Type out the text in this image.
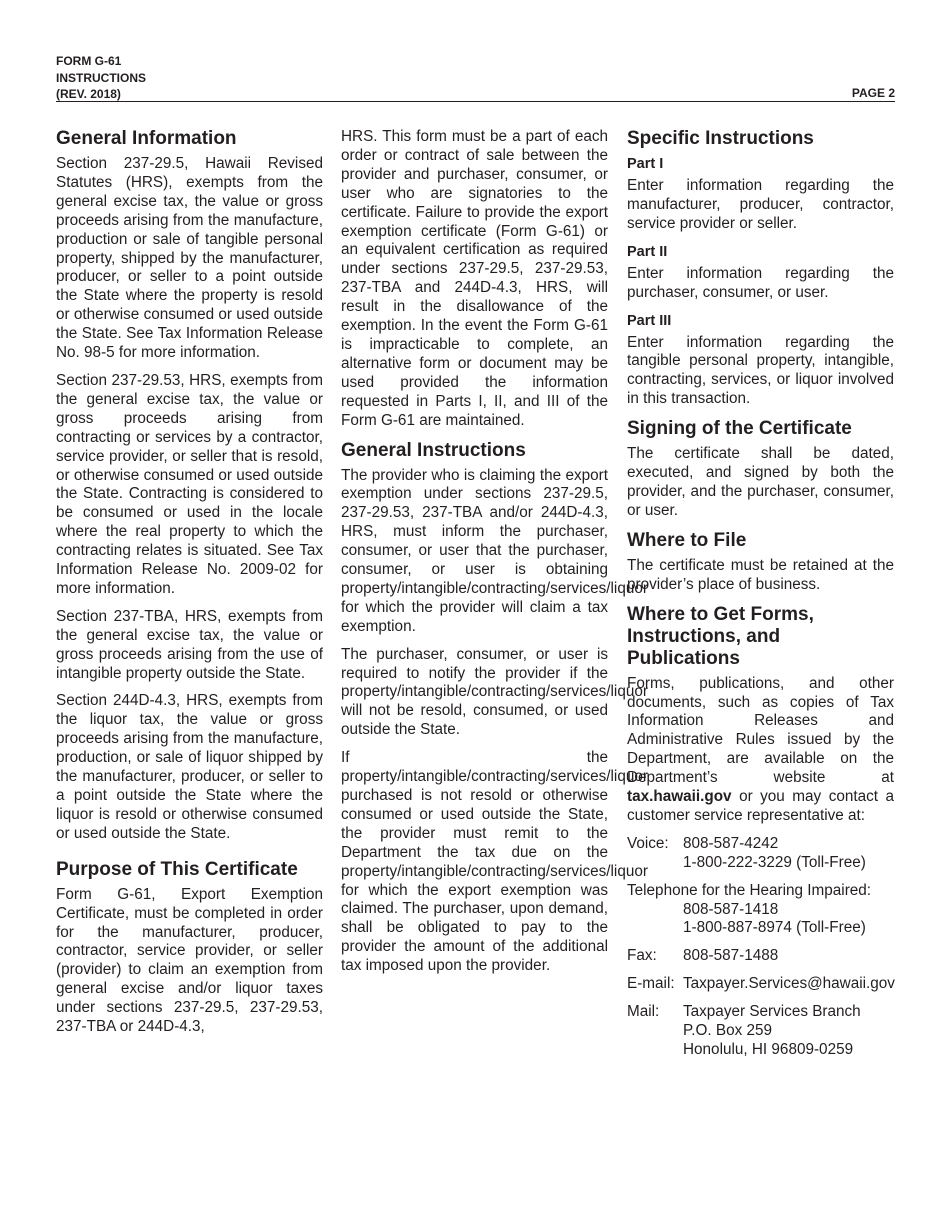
FORM G-61
INSTRUCTIONS
(REV. 2018)	PAGE 2
General Information

Section 237-29.5, Hawaii Revised Statutes (HRS), exempts from the general excise tax, the value or gross proceeds arising from the manufacture, production or sale of tangible personal property, shipped by the manufacturer, producer, or seller to a point outside the State where the property is resold or otherwise consumed or used outside the State. See Tax Information Release No. 98-5 for more information.

Section 237-29.53, HRS, exempts from the general excise tax, the value or gross proceeds arising from contracting or services by a contractor, service provider, or seller that is resold, or otherwise consumed or used outside the State. Contracting is considered to be consumed or used in the locale where the real property to which the contracting relates is situated. See Tax Information Release No. 2009-02 for more information.

Section 237-TBA, HRS, exempts from the general excise tax, the value or gross proceeds arising from the use of intangible property outside the State.

Section 244D-4.3, HRS, exempts from the liquor tax, the value or gross proceeds arising from the manufacture, production, or sale of liquor shipped by the manufacturer, producer, or seller to a point outside the State where the liquor is resold or otherwise consumed or used outside the State.

Purpose of This Certificate

Form G-61, Export Exemption Certificate, must be completed in order for the manufacturer, producer, contractor, service provider, or seller (provider) to claim an exemption from general excise and/or liquor taxes under sections 237-29.5, 237-29.53, 237-TBA or 244D-4.3,

HRS. This form must be a part of each order or contract of sale between the provider and purchaser, consumer, or user who are signatories to the certificate. Failure to provide the export exemption certificate (Form G-61) or an equivalent certification as required under sections 237-29.5, 237-29.53, 237-TBA and 244D-4.3, HRS, will result in the disallowance of the exemption. In the event the Form G-61 is impracticable to complete, an alternative form or document may be used provided the information requested in Parts I, II, and III of the Form G-61 are maintained.

General Instructions

The provider who is claiming the export exemption under sections 237-29.5, 237-29.53, 237-TBA and/or 244D-4.3, HRS, must inform the purchaser, consumer, or user that the purchaser, consumer, or user is obtaining property/intangible/contracting/services/liquor for which the provider will claim a tax exemption.

The purchaser, consumer, or user is required to notify the provider if the property/intangible/contracting/services/liquor will not be resold, consumed, or used outside the State.

If the property/intangible/contracting/services/liquor purchased is not resold or otherwise consumed or used outside the State, the provider must remit to the Department the tax due on the property/intangible/contracting/services/liquor for which the export exemption was claimed. The purchaser, upon demand, shall be obligated to pay to the provider the amount of the additional tax imposed upon the provider.

Specific Instructions
Part I

Enter information regarding the manufacturer, producer, contractor, service provider or seller.

Part II

Enter information regarding the purchaser, consumer, or user.

Part III

Enter information regarding the tangible personal property, intangible, contracting, services, or liquor involved in this transaction.

Signing of the Certificate

The certificate shall be dated, executed, and signed by both the provider, and the purchaser, consumer, or user.

Where to File

The certificate must be retained at the provider’s place of business.

Where to Get Forms,
Instructions, and Publications

Forms, publications, and other documents, such as copies of Tax Information Releases and Administrative Rules issued by the Department, are available on the Department’s website at tax.hawaii.gov or you may contact a customer service representative at:

Voice: 808-587-4242
1-800-222-3229 (Toll-Free)
Telephone for the Hearing Impaired:
808-587-1418
1-800-887-8974 (Toll-Free)
Fax:	808-587-1488
E-mail: Taxpayer.Services@hawaii.gov
Mail:	Taxpayer Services Branch
P.O. Box 259
Honolulu, HI 96809-0259
